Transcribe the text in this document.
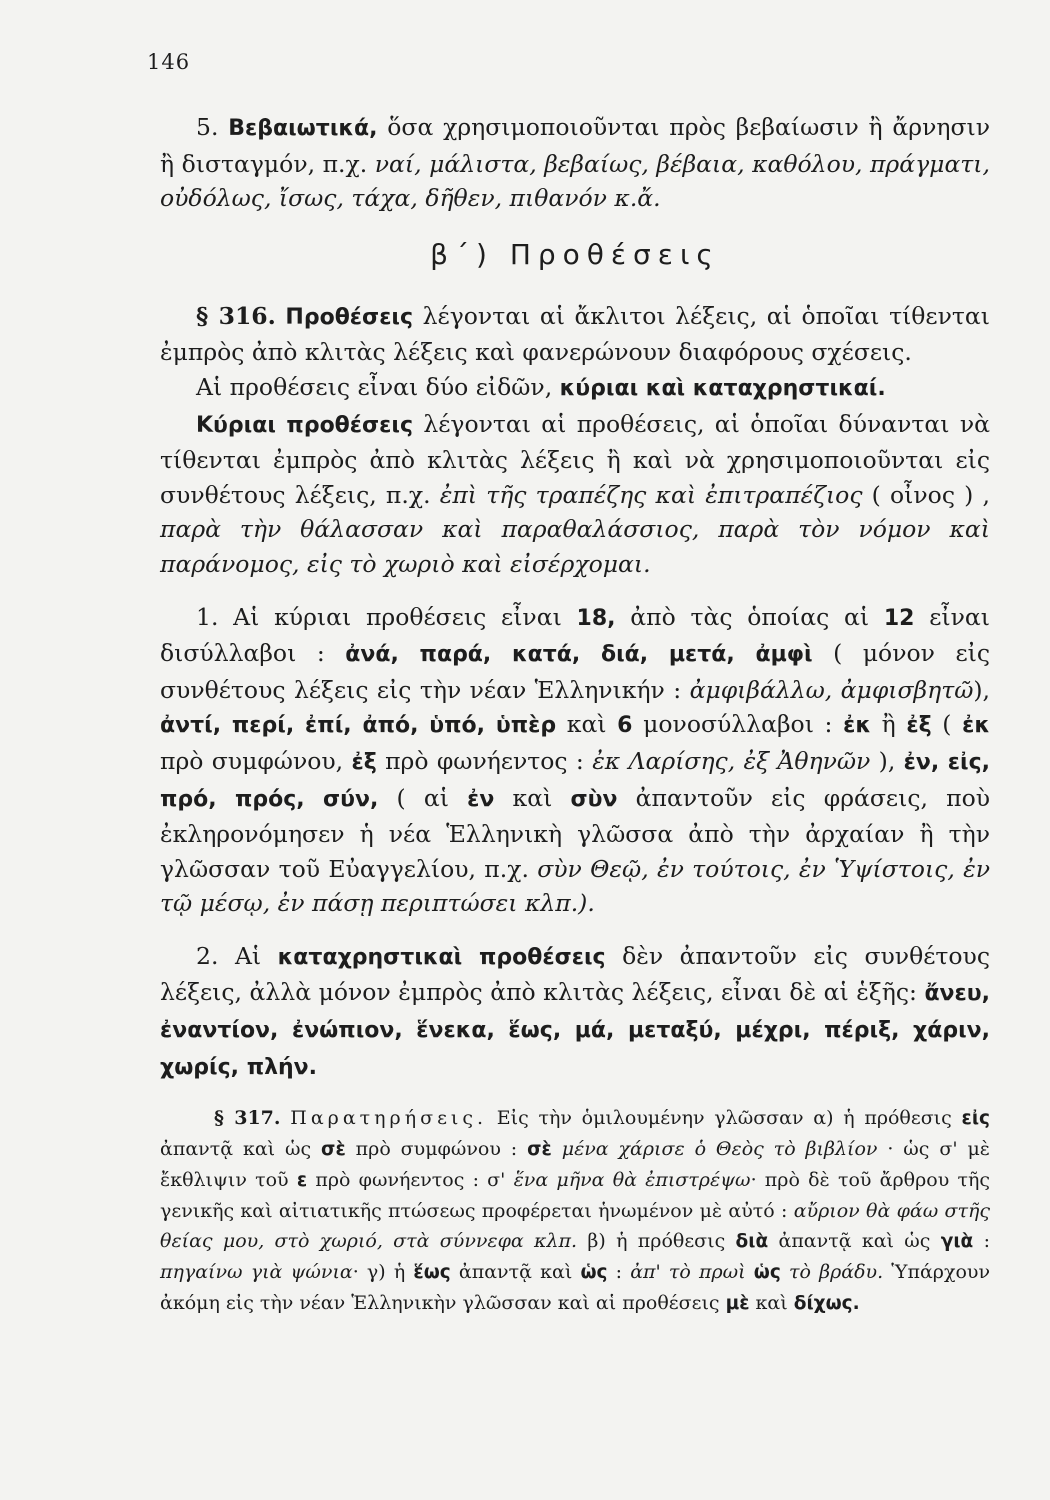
146

5. Βεβαιωτικά, ὅσα χρησιμοποιοῦνται πρὸς βεβαίωσιν ἢ ἄρνησιν ἢ δισταγμόν, π.χ. ναί, μάλιστα, βεβαίως, βέβαια, καθόλου, πράγματι, οὐδόλως, ἴσως, τάχα, δῆθεν, πιθανόν κ.ἄ.

β΄) Προθέσεις

§ 316. Προθέσεις λέγονται αἱ ἄκλιτοι λέξεις, αἱ ὁποῖαι τίθενται ἐμπρὸς ἀπὸ κλιτὰς λέξεις καὶ φανερώνουν διαφόρους σχέσεις.

Αἱ προθέσεις εἶναι δύο εἰδῶν, κύριαι καὶ καταχρηστικαί.

Κύριαι προθέσεις λέγονται αἱ προθέσεις, αἱ ὁποῖαι δύνανται νὰ τίθενται ἐμπρὸς ἀπὸ κλιτὰς λέξεις ἢ καὶ νὰ χρησιμοποιοῦνται εἰς συνθέτους λέξεις, π.χ. ἐπὶ τῆς τραπέζης καὶ ἐπιτραπέζιος ( οἶνος ) , παρὰ τὴν θάλασσαν καὶ παραθαλάσσιος, παρὰ τὸν νόμον καὶ παράνομος, εἰς τὸ χωριὸ καὶ εἰσέρχομαι.

1. Αἱ κύριαι προθέσεις εἶναι 18, ἀπὸ τὰς ὁποίας αἱ 12 εἶναι δισύλλαβοι : ἀνά, παρά, κατά, διά, μετά, ἀμφὶ ( μόνον εἰς συνθέτους λέξεις εἰς τὴν νέαν Ἑλληνικήν : ἀμφιβάλλω, ἀμφισβητῶ), ἀντί, περί, ἐπί, ἀπό, ὑπό, ὑπὲρ καὶ 6 μονοσύλλαβοι : ἐκ ἢ ἐξ ( ἐκ πρὸ συμφώνου, ἐξ πρὸ φωνήεντος : ἐκ Λαρίσης, ἐξ Ἀθηνῶν ), ἐν, εἰς, πρό, πρός, σύν, ( αἱ ἐν καὶ σὺν ἀπαντοῦν εἰς φράσεις, ποὺ ἐκληρονόμησεν ἡ νέα Ἑλληνικὴ γλῶσσα ἀπὸ τὴν ἀρχαίαν ἢ τὴν γλῶσσαν τοῦ Εὐαγγελίου, π.χ. σὺν Θεῷ, ἐν τούτοις, ἐν Ὑψίστοις, ἐν τῷ μέσῳ, ἐν πάσῃ περιπτώσει κλπ.).

2. Αἱ καταχρηστικαὶ προθέσεις δὲν ἀπαντοῦν εἰς συνθέτους λέξεις, ἀλλὰ μόνον ἐμπρὸς ἀπὸ κλιτὰς λέξεις, εἶναι δὲ αἱ ἑξῆς: ἄνευ, ἐναντίον, ἐνώπιον, ἕνεκα, ἕως, μά, μεταξύ, μέχρι, πέριξ, χάριν, χωρίς, πλήν.

§ 317. Παρατηρήσεις. Εἰς τὴν ὁμιλουμένην γλῶσσαν α) ἡ πρόθεσις εἰς ἀπαντᾷ καὶ ὡς σὲ πρὸ συμφώνου : σὲ μένα χάρισε ὁ Θεὸς τὸ βιβλίον · ὡς σ' μὲ ἔκθλιψιν τοῦ ε πρὸ φωνήεντος : σ' ἕνα μῆνα θὰ ἐπιστρέψω· πρὸ δὲ τοῦ ἄρθρου τῆς γενικῆς καὶ αἰτιατικῆς πτώσεως προφέρεται ἡνωμένον μὲ αὐτό : αὔριον θὰ φάω στῆς θείας μου, στὸ χωριό, στὰ σύννεφα κλπ. β) ἡ πρόθεσις διὰ ἀπαντᾷ καὶ ὡς γιὰ : πηγαίνω γιὰ ψώνια· γ) ἡ ἕως ἀπαντᾷ καὶ ὡς : ἀπ' τὸ πρωὶ ὡς τὸ βράδυ. Ὑπάρχουν ἀκόμη εἰς τὴν νέαν Ἑλληνικὴν γλῶσσαν καὶ αἱ προθέσεις μὲ καὶ δίχως.
